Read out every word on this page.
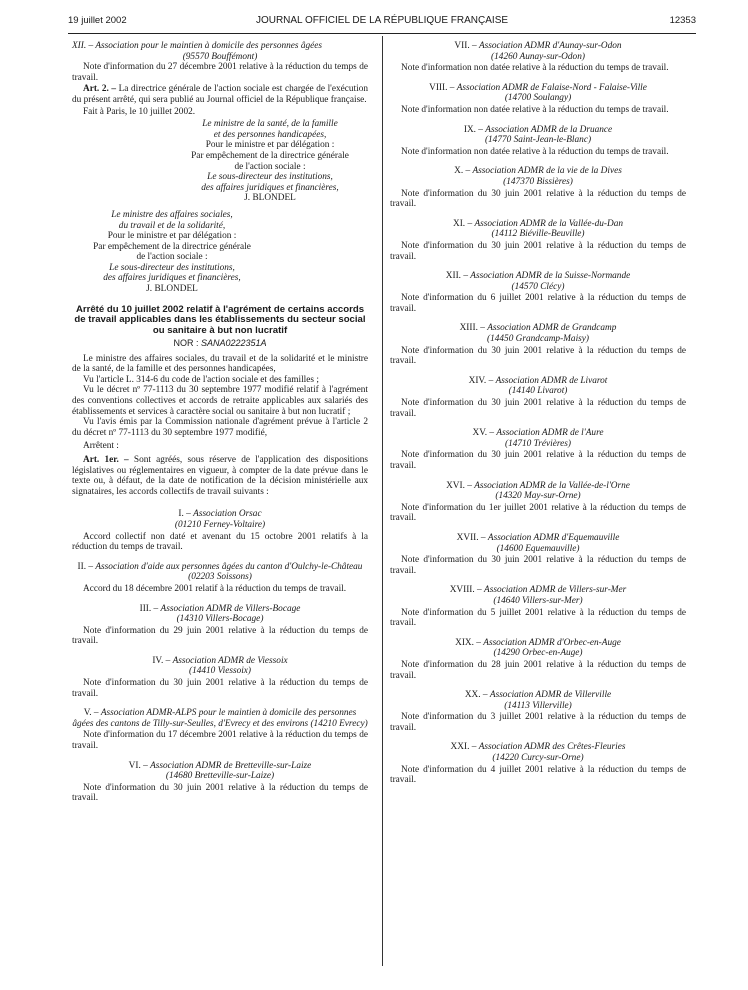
19 juillet 2002	JOURNAL OFFICIEL DE LA RÉPUBLIQUE FRANÇAISE	12353

XII. – Association pour le maintien à domicile des personnes âgées

(95570 Bouffémont)

Note d'information du 27 décembre 2001 relative à la réduction du temps de travail.

Art. 2. – La directrice générale de l'action sociale est chargée de l'exécution du présent arrêté, qui sera publié au Journal officiel de la République française.

Fait à Paris, le 10 juillet 2002.

Le ministre de la santé, de la famille

et des personnes handicapées,

Pour le ministre et par délégation :

Par empêchement de la directrice générale

de l'action sociale :

Le sous-directeur des institutions,

des affaires juridiques et financières,

J. BLONDEL

Le ministre des affaires sociales,

du travail et de la solidarité,

Pour le ministre et par délégation :

Par empêchement de la directrice générale

de l'action sociale :

Le sous-directeur des institutions,

des affaires juridiques et financières,

J. BLONDEL

Arrêté du 10 juillet 2002 relatif à l'agrément de certains accords de travail applicables dans les établissements du secteur social ou sanitaire à but non lucratif

NOR : SANA0222351A

Le ministre des affaires sociales, du travail et de la solidarité et le ministre de la santé, de la famille et des personnes handicapées,

Vu l'article L. 314-6 du code de l'action sociale et des familles ;

Vu le décret nº 77-1113 du 30 septembre 1977 modifié relatif à l'agrément des conventions collectives et accords de retraite applicables aux salariés des établissements et services à caractère social ou sanitaire à but non lucratif ;

Vu l'avis émis par la Commission nationale d'agrément prévue à l'article 2 du décret nº 77-1113 du 30 septembre 1977 modifié,

Arrêtent :

Art. 1er. – Sont agréés, sous réserve de l'application des dispositions législatives ou réglementaires en vigueur, à compter de la date prévue dans le texte ou, à défaut, de la date de notification de la décision ministérielle aux signataires, les accords collectifs de travail suivants :

I. – Association Orsac

(01210 Ferney-Voltaire)

Accord collectif non daté et avenant du 15 octobre 2001 relatifs à la réduction du temps de travail.

II. – Association d'aide aux personnes âgées du canton d'Oulchy-le-Château (02203 Soissons)

Accord du 18 décembre 2001 relatif à la réduction du temps de travail.

III. – Association ADMR de Villers-Bocage

(14310 Villers-Bocage)

Note d'information du 29 juin 2001 relative à la réduction du temps de travail.

IV. – Association ADMR de Viessoix

(14410 Viessoix)

Note d'information du 30 juin 2001 relative à la réduction du temps de travail.

V. – Association ADMR-ALPS pour le maintien à domicile des personnes âgées des cantons de Tilly-sur-Seulles, d'Evrecy et des environs (14210 Evrecy)

Note d'information du 17 décembre 2001 relative à la réduction du temps de travail.

VI. – Association ADMR de Bretteville-sur-Laize

(14680 Bretteville-sur-Laize)

Note d'information du 30 juin 2001 relative à la réduction du temps de travail.

VII. – Association ADMR d'Aunay-sur-Odon

(14260 Aunay-sur-Odon)

Note d'information non datée relative à la réduction du temps de travail.

VIII. – Association ADMR de Falaise-Nord - Falaise-Ville

(14700 Soulangy)

Note d'information non datée relative à la réduction du temps de travail.

IX. – Association ADMR de la Druance

(14770 Saint-Jean-le-Blanc)

Note d'information non datée relative à la réduction du temps de travail.

X. – Association ADMR de la vie de la Dives

(147370 Bissières)

Note d'information du 30 juin 2001 relative à la réduction du temps de travail.

XI. – Association ADMR de la Vallée-du-Dan

(14112 Biéville-Beuville)

Note d'information du 30 juin 2001 relative à la réduction du temps de travail.

XII. – Association ADMR de la Suisse-Normande

(14570 Clécy)

Note d'information du 6 juillet 2001 relative à la réduction du temps de travail.

XIII. – Association ADMR de Grandcamp

(14450 Grandcamp-Maisy)

Note d'information du 30 juin 2001 relative à la réduction du temps de travail.

XIV. – Association ADMR de Livarot

(14140 Livarot)

Note d'information du 30 juin 2001 relative à la réduction du temps de travail.

XV. – Association ADMR de l'Aure

(14710 Trévières)

Note d'information du 30 juin 2001 relative à la réduction du temps de travail.

XVI. – Association ADMR de la Vallée-de-l'Orne

(14320 May-sur-Orne)

Note d'information du 1er juillet 2001 relative à la réduction du temps de travail.

XVII. – Association ADMR d'Equemauville

(14600 Equemauville)

Note d'information du 30 juin 2001 relative à la réduction du temps de travail.

XVIII. – Association ADMR de Villers-sur-Mer

(14640 Villers-sur-Mer)

Note d'information du 5 juillet 2001 relative à la réduction du temps de travail.

XIX. – Association ADMR d'Orbec-en-Auge

(14290 Orbec-en-Auge)

Note d'information du 28 juin 2001 relative à la réduction du temps de travail.

XX. – Association ADMR de Villerville

(14113 Villerville)

Note d'information du 3 juillet 2001 relative à la réduction du temps de travail.

XXI. – Association ADMR des Crêtes-Fleuries

(14220 Curcy-sur-Orne)

Note d'information du 4 juillet 2001 relative à la réduction du temps de travail.
